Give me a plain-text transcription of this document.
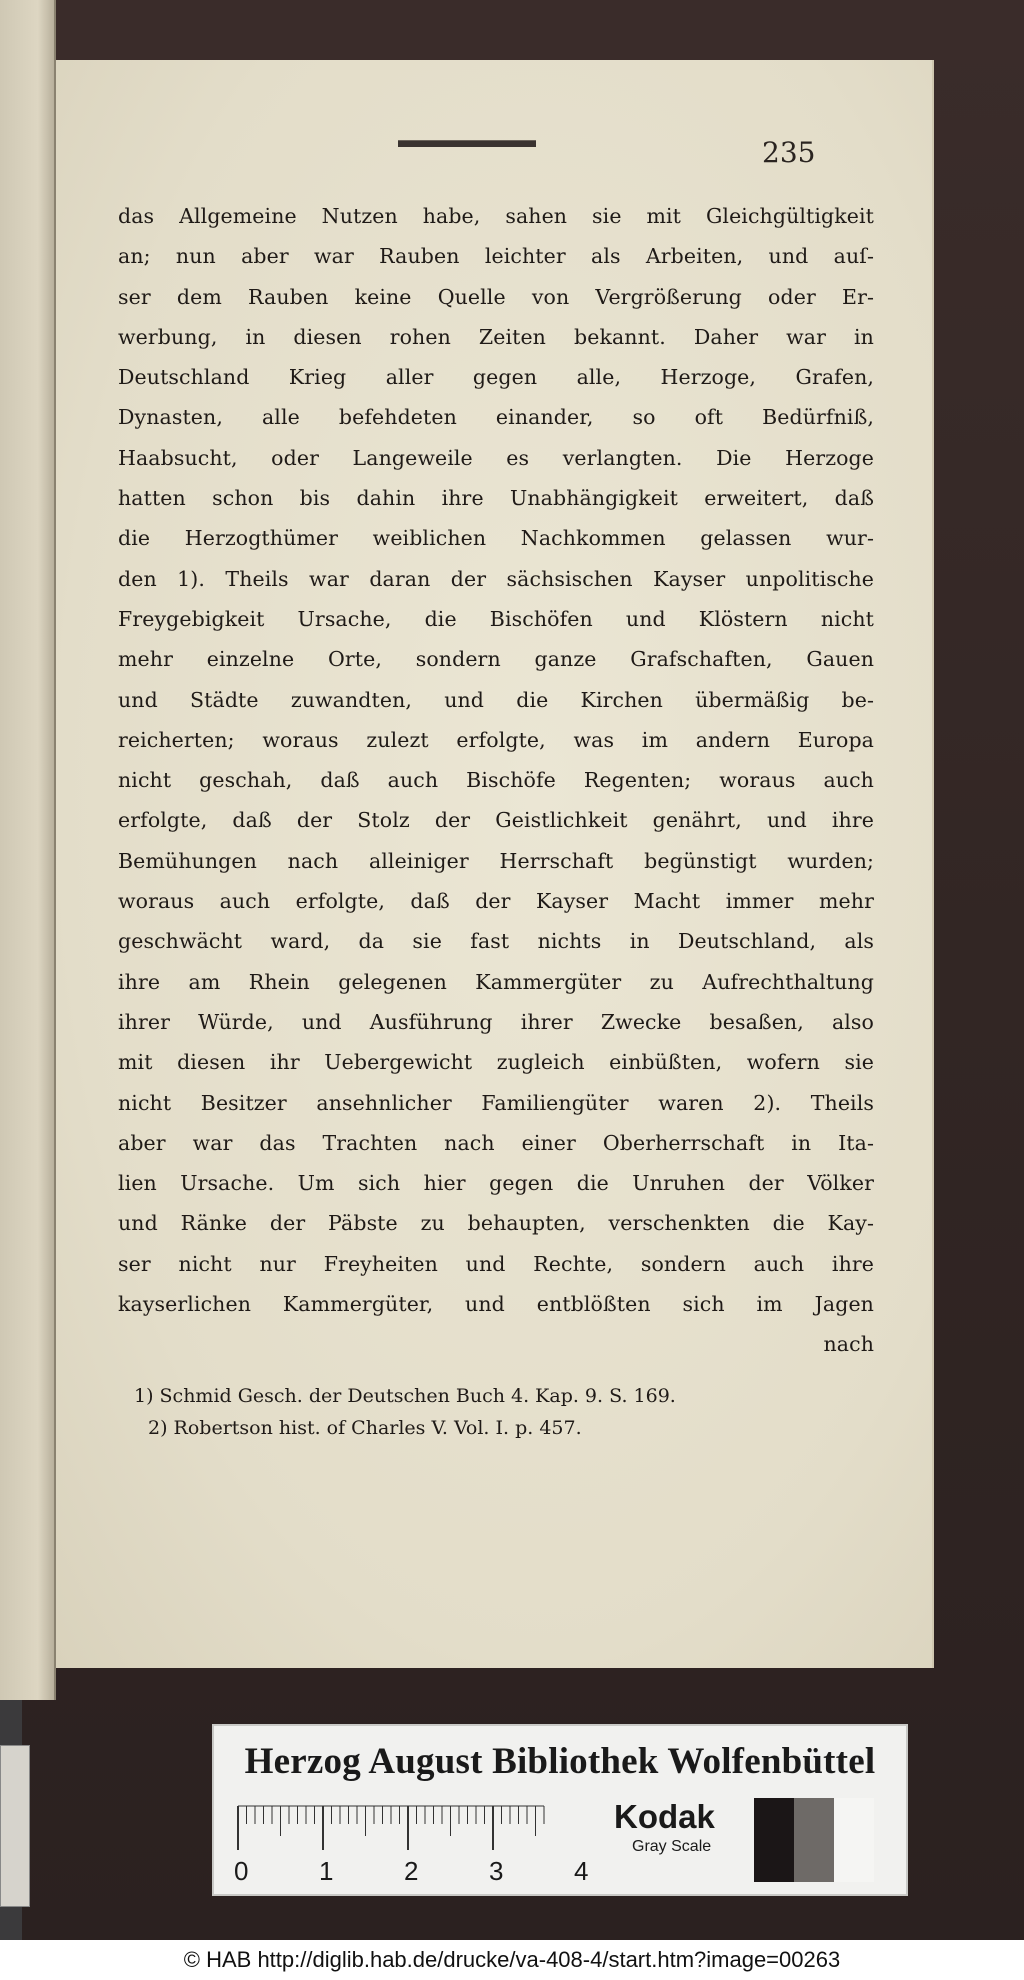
235
das Allgemeine Nutzen habe, sahen sie mit Gleichgültigkeit
an; nun aber war Rauben leichter als Arbeiten, und auſ-
ser dem Rauben keine Quelle von Vergrößerung oder Er-
werbung, in diesen rohen Zeiten bekannt. Daher war in
Deutschland Krieg aller gegen alle, Herzoge, Grafen,
Dynasten, alle befehdeten einander, so oft Bedürfniß,
Haabsucht, oder Langeweile es verlangten. Die Herzoge
hatten schon bis dahin ihre Unabhängigkeit erweitert, daß
die Herzogthümer weiblichen Nachkommen gelassen wur-
den 1). Theils war daran der sächsischen Kayser unpolitische
Freygebigkeit Ursache, die Bischöfen und Klöstern nicht
mehr einzelne Orte, sondern ganze Grafschaften, Gauen
und Städte zuwandten, und die Kirchen übermäßig be-
reicherten; woraus zulezt erfolgte, was im andern Europa
nicht geschah, daß auch Bischöfe Regenten; woraus auch
erfolgte, daß der Stolz der Geistlichkeit genährt, und ihre
Bemühungen nach alleiniger Herrschaft begünstigt wurden;
woraus auch erfolgte, daß der Kayser Macht immer mehr
geschwächt ward, da sie fast nichts in Deutschland, als
ihre am Rhein gelegenen Kammergüter zu Aufrechthaltung
ihrer Würde, und Ausführung ihrer Zwecke besaßen, also
mit diesen ihr Uebergewicht zugleich einbüßten, wofern sie
nicht Besitzer ansehnlicher Familiengüter waren 2). Theils
aber war das Trachten nach einer Oberherrschaft in Ita-
lien Ursache. Um sich hier gegen die Unruhen der Völker
und Ränke der Päbste zu behaupten, verschenkten die Kay-
ser nicht nur Freyheiten und Rechte, sondern auch ihre
kayserlichen Kammergüter, und entblößten sich im Jagen
nach
1) Schmid Gesch. der Deutschen Buch 4. Kap. 9. S. 169.
2) Robertson hist. of Charles V. Vol. I. p. 457.
Herzog August Bibliothek Wolfenbüttel
0	1	2	3	4
Kodak
Gray Scale
© HAB http://diglib.hab.de/drucke/va-408-4/start.htm?image=00263
